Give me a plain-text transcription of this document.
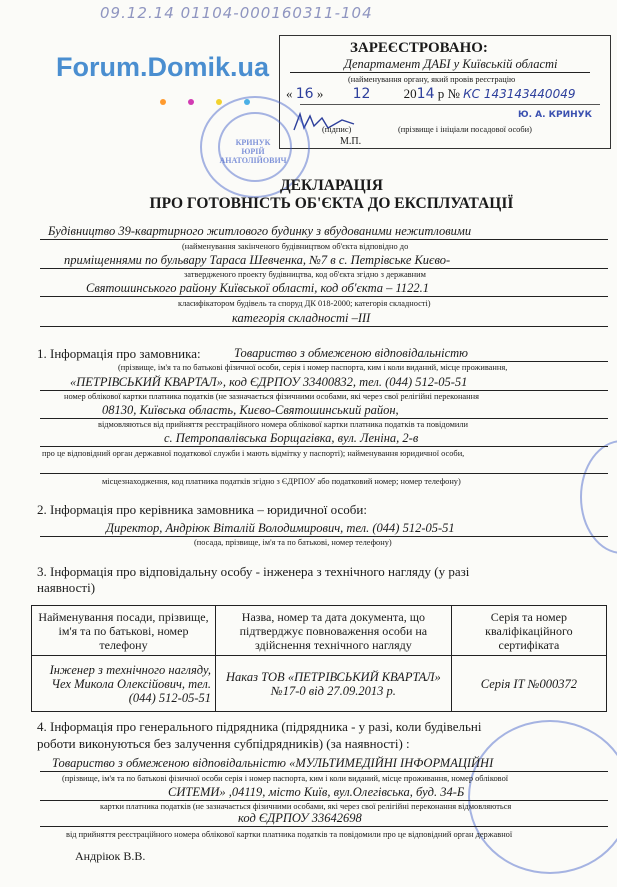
09.12.14 01104-000160311-104
Forum.Domik.ua

ЗАРЕЄСТРОВАНО:
Департамент ДАБІ у Київській області
(найменування органу, який провів реєстрацію
« 16 » 12	2014 р № КС 143143440049
Ю. А. КРИНУК
(підпис)	(прізвище і ініціали посадової особи)
М.П.
КРИНУК
ЮРІЙ
АНАТОЛІЙОВИЧ
ДЕКЛАРАЦІЯ
ПРО ГОТОВНІСТЬ ОБ'ЄКТА ДО ЕКСПЛУАТАЦІЇ
Будівництво 39-квартирного житлового будинку з вбудованими нежитловими
(найменування закінченого будівництвом об'єкта відповідно до
приміщеннями по бульвару Тараса Шевченка, №7 в с. Петрівське Києво-
затвердженого проекту будівництва, код об'єкта згідно з державним
Святошинського району Київської області, код об'єкта – 1122.1
класифікатором будівель та споруд ДК 018-2000; категорія складності)
категорія складності –III
1. Інформація про замовника:	Товариство з обмеженою відповідальністю
(прізвище, ім'я та по батькові фізичної особи, серія і номер паспорта, ким і коли виданий, місце проживання,
«ПЕТРІВСЬКИЙ КВАРТАЛ», код ЄДРПОУ 33400832, тел. (044) 512-05-51
номер облікової картки платника податків (не зазначається фізичними особами, які через свої релігійні переконання
08130, Київська область, Києво-Святошинський район,
відмовляються від прийняття реєстраційного номера облікової картки платника податків та повідомили
с. Петропавлівська Борщагівка, вул. Леніна, 2-в
про це відповідний орган державної податкової служби і мають відмітку у паспорті); найменування юридичної особи,
місцезнаходження, код платника податків згідно з ЄДРПОУ або податковий номер; номер телефону)
2. Інформація про керівника замовника – юридичної особи:
Директор, Андріюк Віталій Володимирович, тел. (044) 512-05-51
(посада, прізвище, ім'я та по батькові, номер телефону)
3. Інформація про відповідальну особу - інженера з технічного нагляду (у разі
наявності)
Найменування посади, прізвище, ім'я та по батькові, номер телефону	Назва, номер та дата документа, що підтверджує повноваження особи на здійснення технічного нагляду	Серія та номер кваліфікаційного сертифіката
Інженер з технічного нагляду, Чех Микола Олексійович, тел. (044) 512-05-51	Наказ ТОВ «ПЕТРІВСЬКИЙ КВАРТАЛ» №17-0 від 27.09.2013 р.	Серія ІТ №000372
4. Інформація про генерального підрядника (підрядника - у разі, коли будівельні
роботи виконуються без залучення субпідрядників) (за наявності) :
Товариство з обмеженою відповідальністю «МУЛЬТИМЕДІЙНІ ІНФОРМАЦІЙНІ
(прізвище, ім'я та по батькові фізичної особи серія і номер паспорта, ким і коли виданий, місце проживання, номер облікової
СИТЕМИ» ,04119, місто Київ, вул.Олегівська, буд. 34-Б
картки платника податків (не зазначається фізичними особами, які через свої релігійні переконання відмовляються
код ЄДРПОУ 33642698
від прийняття реєстраційного номера облікової картки платника податків та повідомили про це відповідний орган державної
Андріюк В.В.
